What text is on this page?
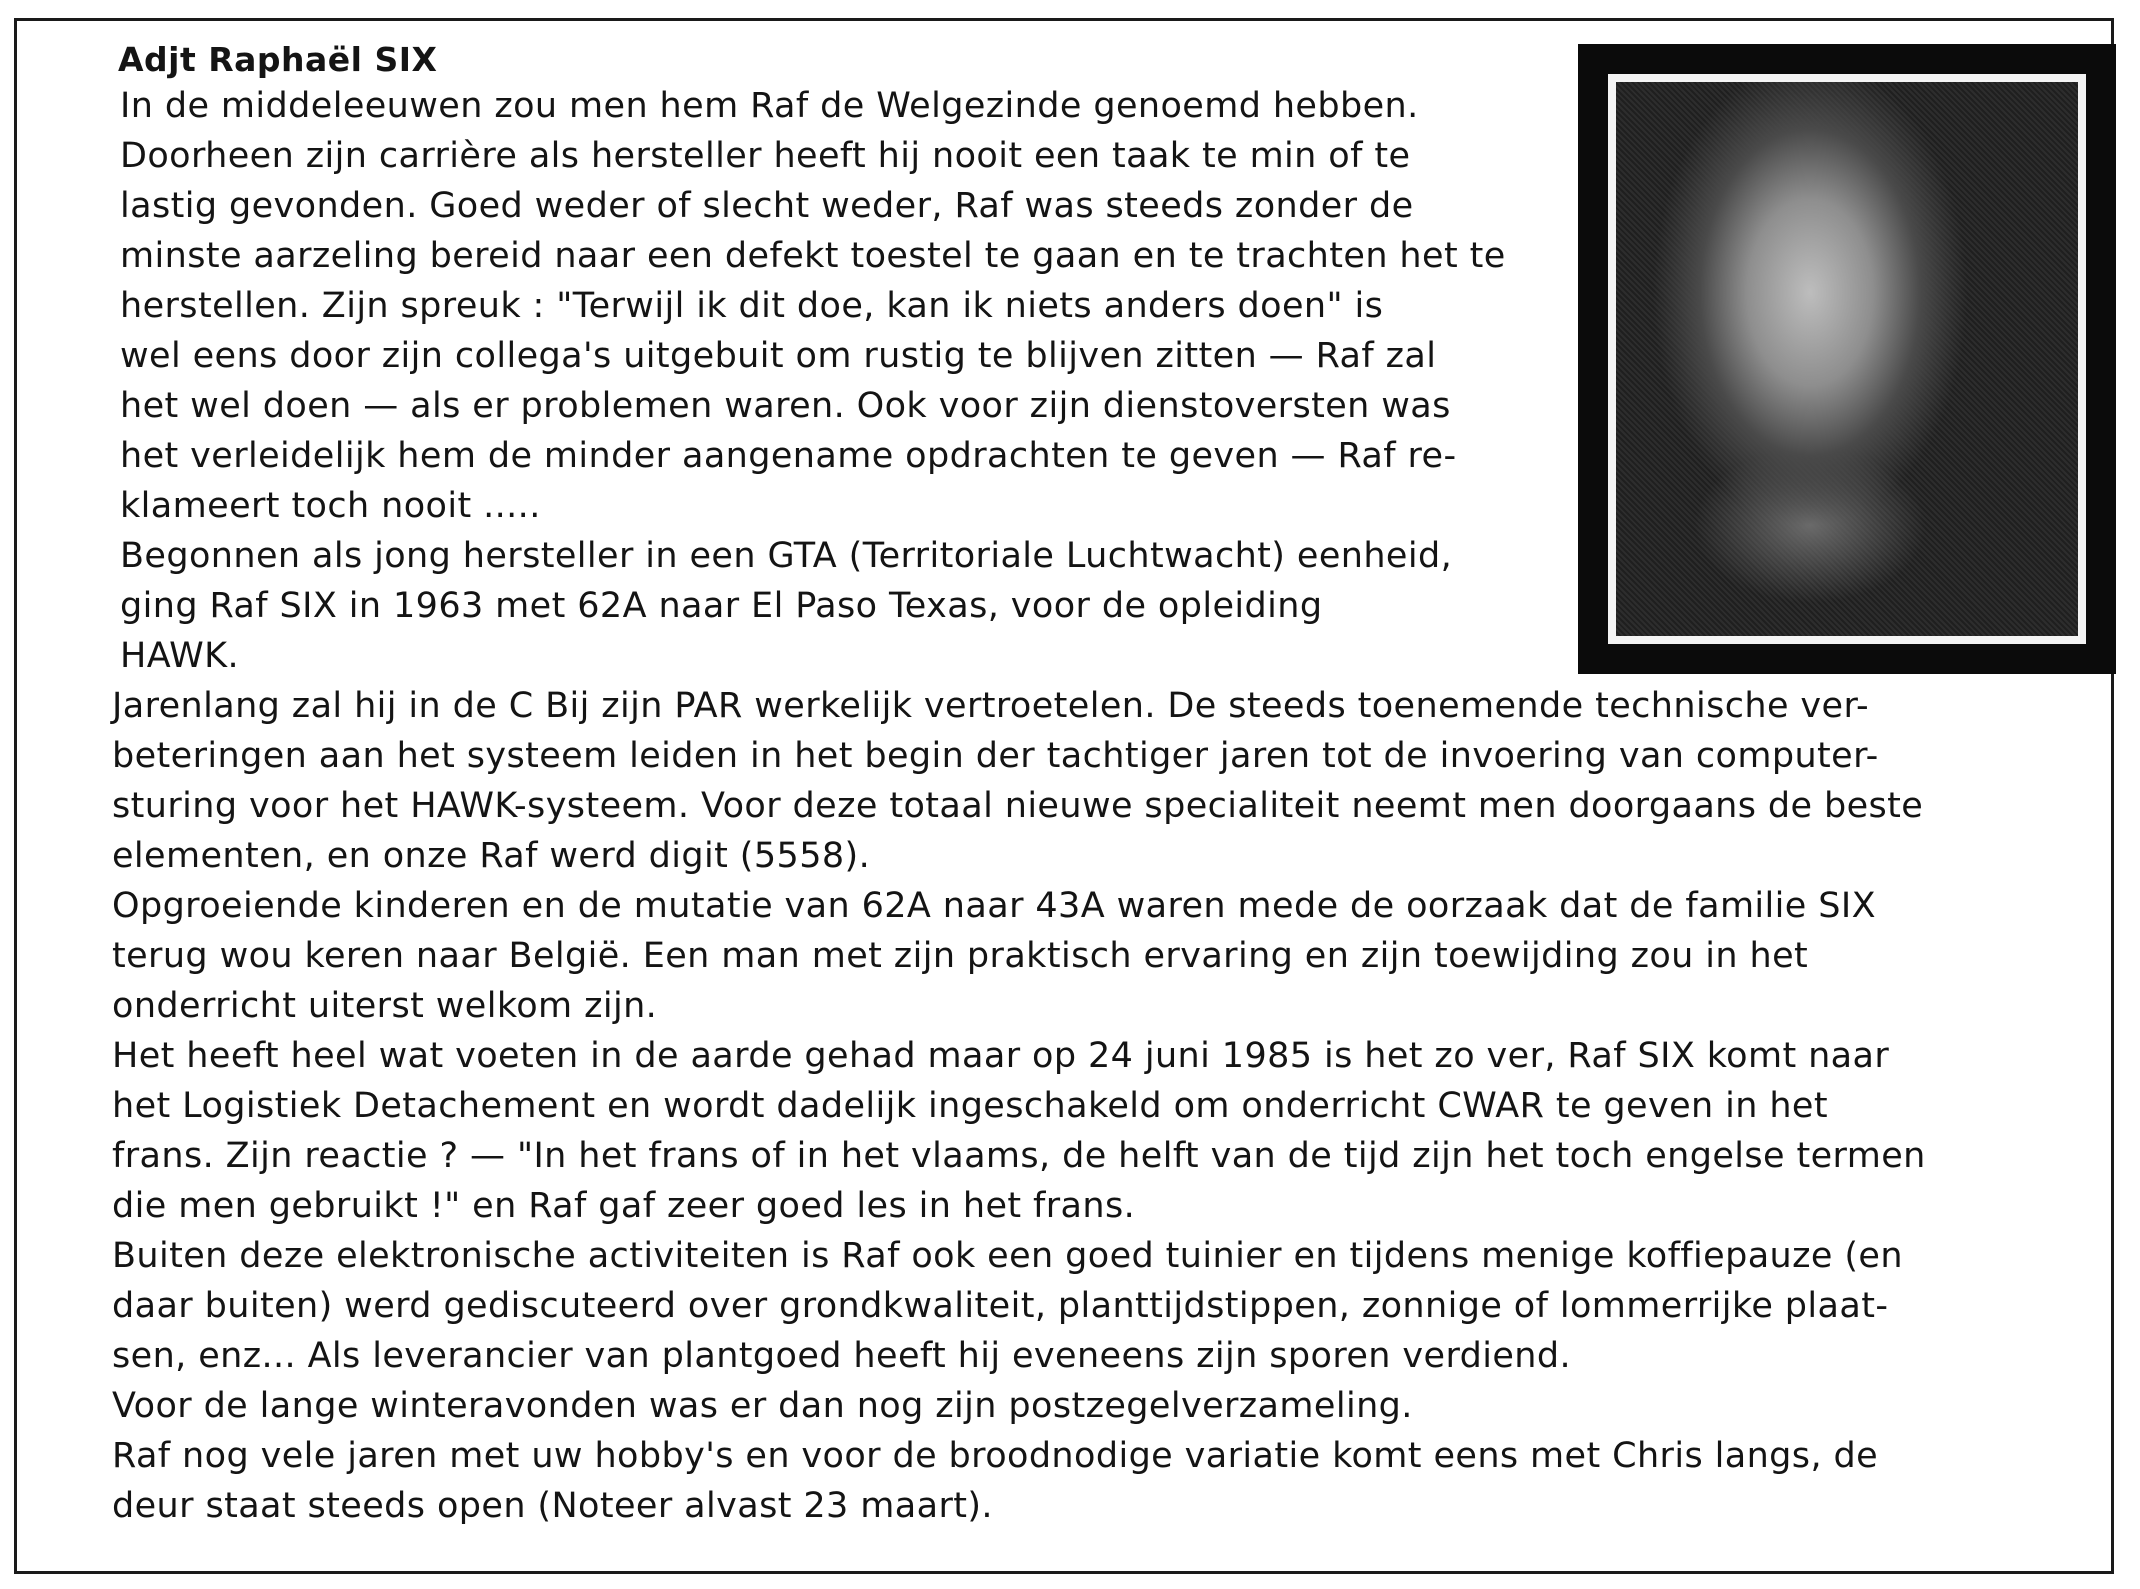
Adjt Raphaël SIX
In de middeleeuwen zou men hem Raf de Welgezinde genoemd hebben.
Doorheen zijn carrière als hersteller heeft hij nooit een taak te min of te
lastig gevonden. Goed weder of slecht weder, Raf was steeds zonder de
minste aarzeling bereid naar een defekt toestel te gaan en te trachten het te
herstellen. Zijn spreuk : "Terwijl ik dit doe, kan ik niets anders doen" is
wel eens door zijn collega's uitgebuit om rustig te blijven zitten — Raf zal
het wel doen — als er problemen waren. Ook voor zijn dienstoversten was
het verleidelijk hem de minder aangename opdrachten te geven — Raf re-
klameert toch nooit .....
Begonnen als jong hersteller in een GTA (Territoriale Luchtwacht) eenheid,
ging Raf SIX in 1963 met 62A naar El Paso Texas, voor de opleiding
HAWK.
Jarenlang zal hij in de C Bij zijn PAR werkelijk vertroetelen. De steeds toenemende technische ver-
beteringen aan het systeem leiden in het begin der tachtiger jaren tot de invoering van computer-
sturing voor het HAWK-systeem. Voor deze totaal nieuwe specialiteit neemt men doorgaans de beste
elementen, en onze Raf werd digit (5558).
Opgroeiende kinderen en de mutatie van 62A naar 43A waren mede de oorzaak dat de familie SIX
terug wou keren naar België. Een man met zijn praktisch ervaring en zijn toewijding zou in het
onderricht uiterst welkom zijn.
Het heeft heel wat voeten in de aarde gehad maar op 24 juni 1985 is het zo ver, Raf SIX komt naar
het Logistiek Detachement en wordt dadelijk ingeschakeld om onderricht CWAR te geven in het
frans. Zijn reactie ? — "In het frans of in het vlaams, de helft van de tijd zijn het toch engelse termen
die men gebruikt !" en Raf gaf zeer goed les in het frans.
Buiten deze elektronische activiteiten is Raf ook een goed tuinier en tijdens menige koffiepauze (en
daar buiten) werd gediscuteerd over grondkwaliteit, planttijdstippen, zonnige of lommerrijke plaat-
sen, enz... Als leverancier van plantgoed heeft hij eveneens zijn sporen verdiend.
Voor de lange winteravonden was er dan nog zijn postzegelverzameling.
Raf nog vele jaren met uw hobby's en voor de broodnodige variatie komt eens met Chris langs, de
deur staat steeds open (Noteer alvast 23 maart).
